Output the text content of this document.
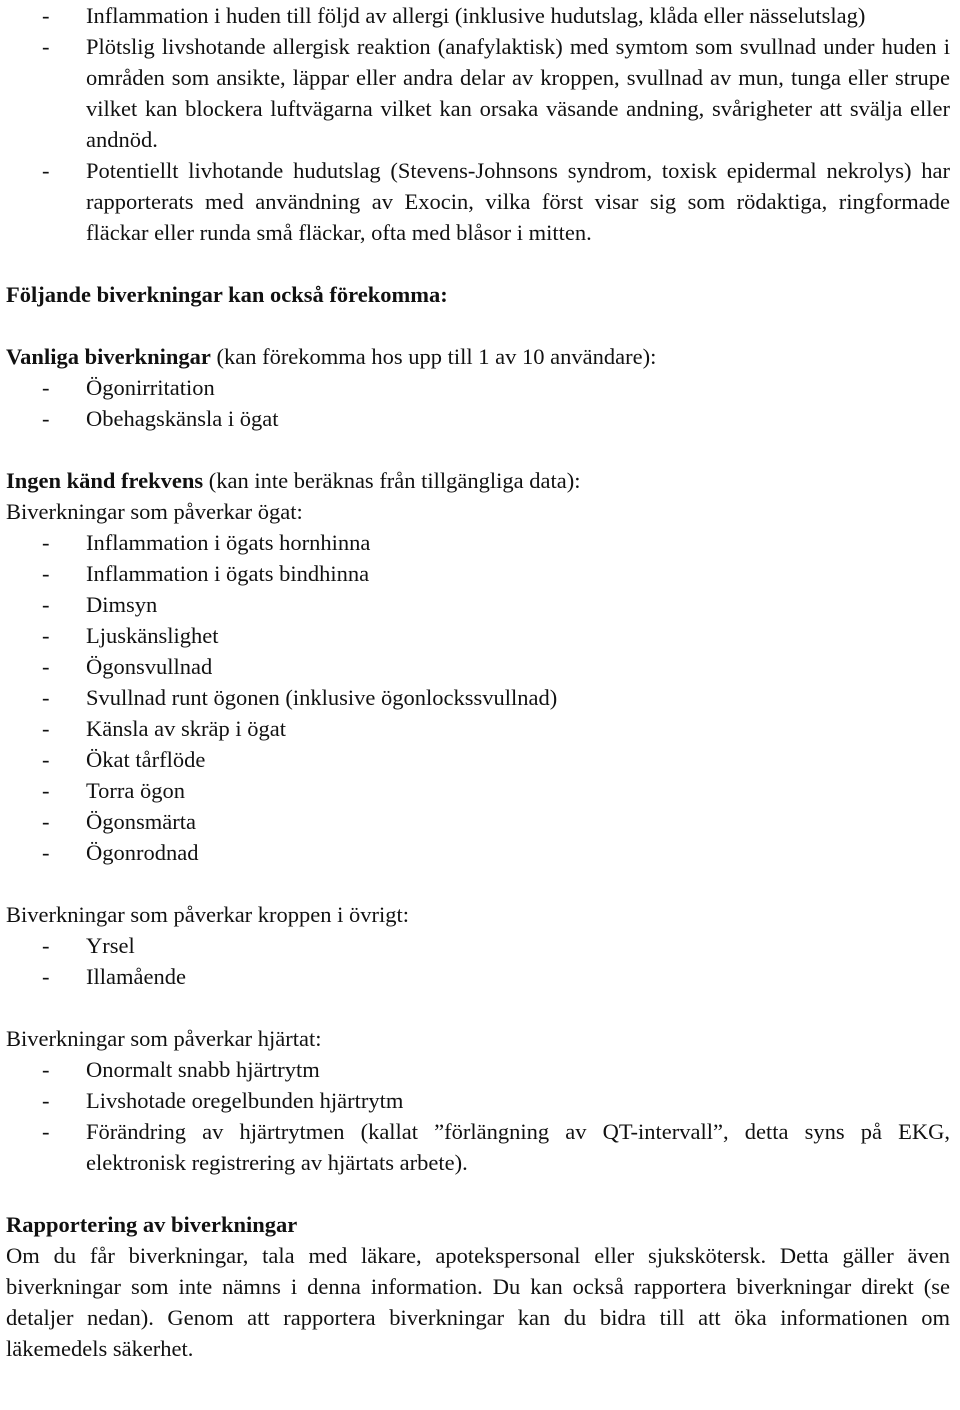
- Inflammation i huden till följd av allergi (inklusive hudutslag, klåda eller nässelutslag)
- Plötslig livshotande allergisk reaktion (anafylaktisk) med symtom som svullnad under huden i områden som ansikte, läppar eller andra delar av kroppen, svullnad av mun, tunga eller strupe vilket kan blockera luftvägarna vilket kan orsaka väsande andning, svårigheter att svälja eller andnöd.
- Potentiellt livhotande hudutslag (Stevens-Johnsons syndrom, toxisk epidermal nekrolys) har rapporterats med användning av Exocin, vilka först visar sig som rödaktiga, ringformade fläckar eller runda små fläckar, ofta med blåsor i mitten.

Följande biverkningar kan också förekomma:

Vanliga biverkningar (kan förekomma hos upp till 1 av 10 användare):

- Ögonirritation
- Obehagskänsla i ögat

Ingen känd frekvens (kan inte beräknas från tillgängliga data):

Biverkningar som påverkar ögat:

- Inflammation i ögats hornhinna
- Inflammation i ögats bindhinna
- Dimsyn
- Ljuskänslighet
- Ögonsvullnad
- Svullnad runt ögonen (inklusive ögonlockssvullnad)
- Känsla av skräp i ögat
- Ökat tårflöde
- Torra ögon
- Ögonsmärta
- Ögonrodnad

Biverkningar som påverkar kroppen i övrigt:

- Yrsel
- Illamående

Biverkningar som påverkar hjärtat:

- Onormalt snabb hjärtrytm
- Livshotade oregelbunden hjärtrytm
- Förändring av hjärtrytmen (kallat ”förlängning av QT-intervall”, detta syns på EKG, elektronisk registrering av hjärtats arbete).

Rapportering av biverkningar

Om du får biverkningar, tala med läkare, apotekspersonal eller sjukskötersk. Detta gäller även biverkningar som inte nämns i denna information. Du kan också rapportera biverkningar direkt (se detaljer nedan). Genom att rapportera biverkningar kan du bidra till att öka informationen om läkemedels säkerhet.
